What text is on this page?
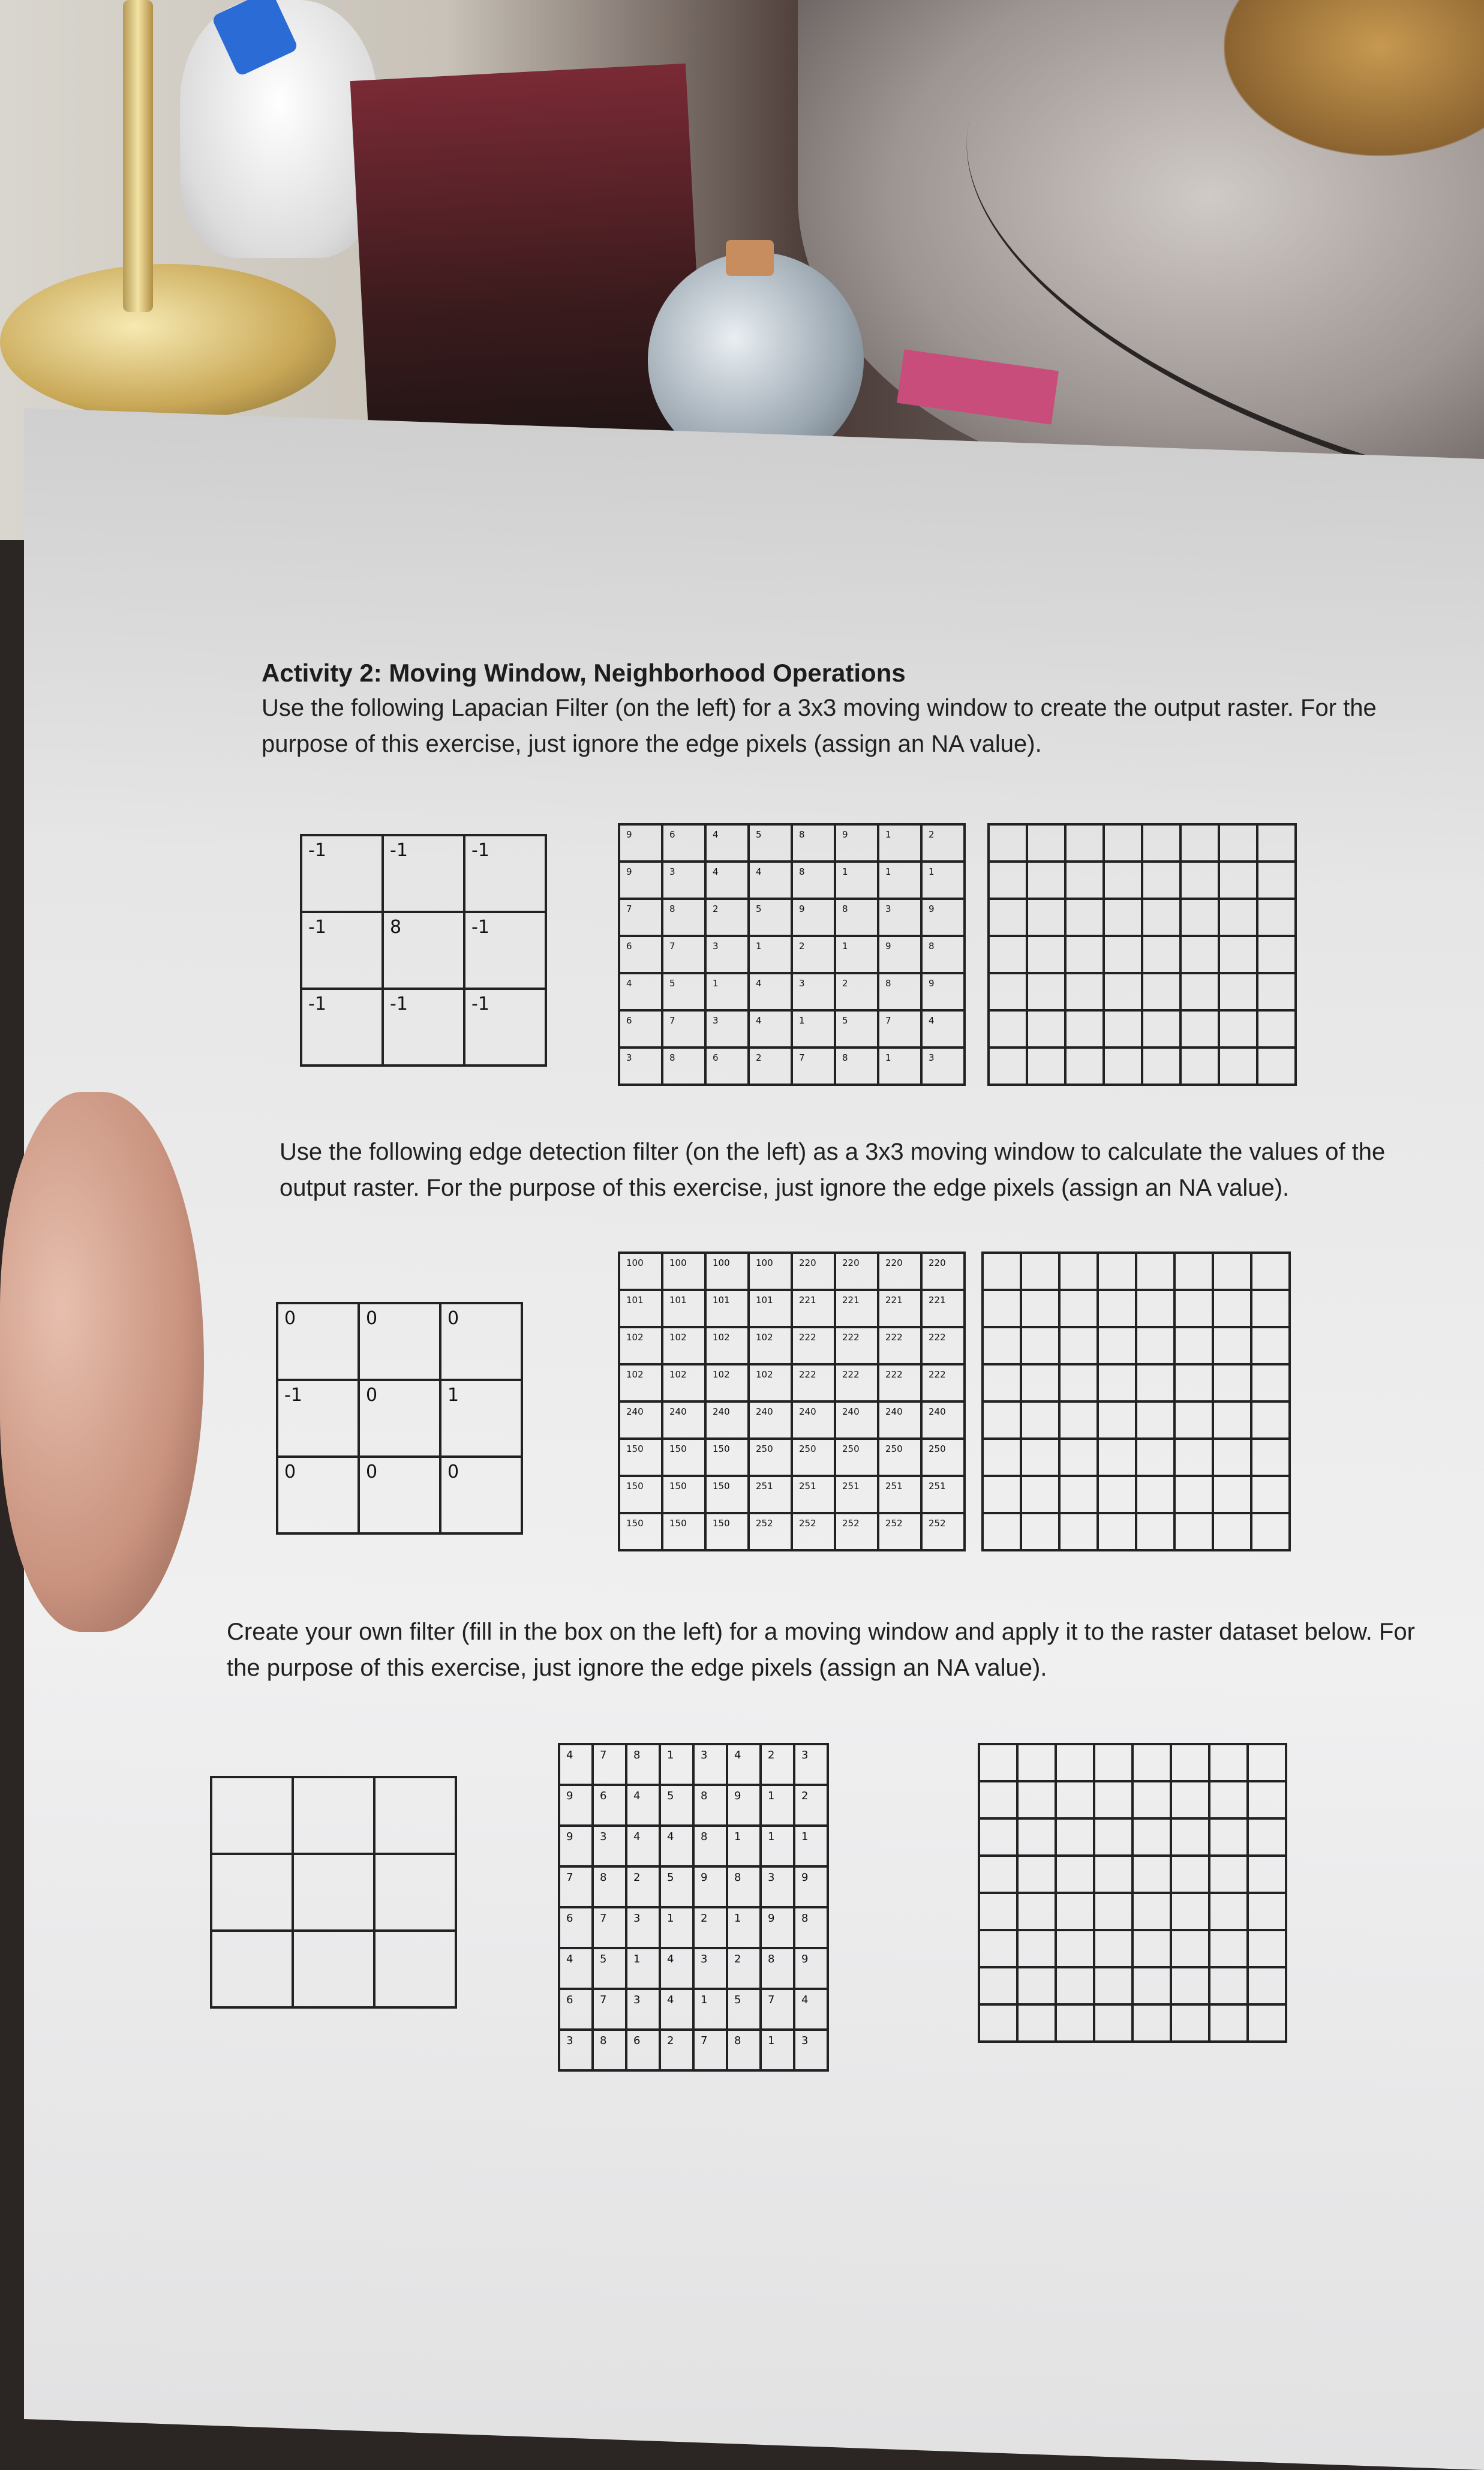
Activity 2: Moving Window, Neighborhood Operations
Use the following Lapacian Filter (on the left) for a 3x3 moving window to create the output raster. For the purpose of this exercise, just ignore the edge pixels (assign an NA value).
-1	-1	-1
-1	8	-1
-1	-1	-1
9	6	4	5	8	9	1	2
9	3	4	4	8	1	1	1
7	8	2	5	9	8	3	9
6	7	3	1	2	1	9	8
4	5	1	4	3	2	8	9
6	7	3	4	1	5	7	4
3	8	6	2	7	8	1	3

Use the following edge detection filter (on the left) as a 3x3 moving window to calculate the values of the output raster. For the purpose of this exercise, just ignore the edge pixels (assign an NA value).
0	0	0
-1	0	1
0	0	0
100	100	100	100	220	220	220	220
101	101	101	101	221	221	221	221
102	102	102	102	222	222	222	222
102	102	102	102	222	222	222	222
240	240	240	240	240	240	240	240
150	150	150	250	250	250	250	250
150	150	150	251	251	251	251	251
150	150	150	252	252	252	252	252

Create your own filter (fill in the box on the left) for a moving window and apply it to the raster dataset below. For the purpose of this exercise, just ignore the edge pixels (assign an NA value).

4	7	8	1	3	4	2	3
9	6	4	5	8	9	1	2
9	3	4	4	8	1	1	1
7	8	2	5	9	8	3	9
6	7	3	1	2	1	9	8
4	5	1	4	3	2	8	9
6	7	3	4	1	5	7	4
3	8	6	2	7	8	1	3
